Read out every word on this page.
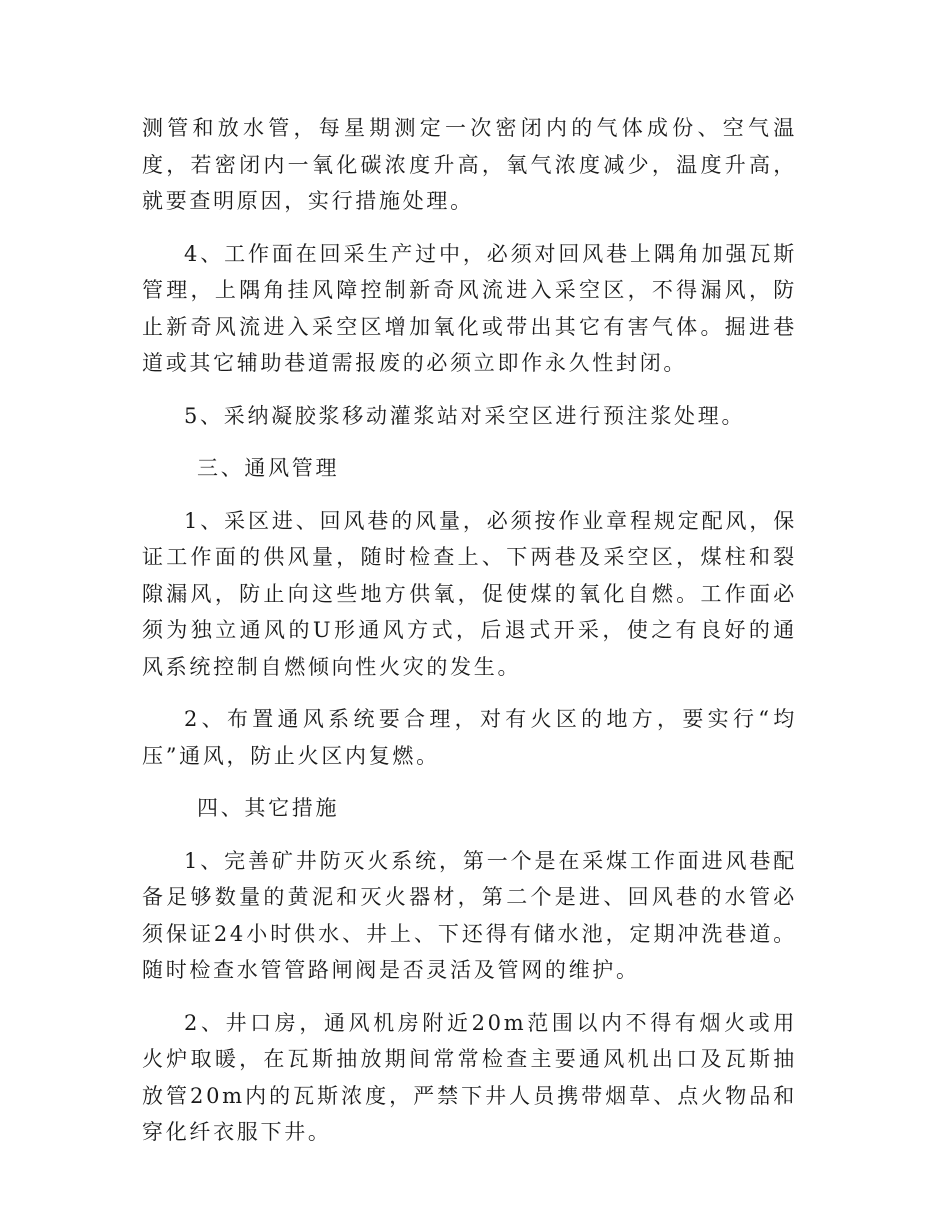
测管和放水管，每星期测定一次密闭内的气体成份、空气温度，若密闭内一氧化碳浓度升高，氧气浓度减少，温度升高，就要查明原因，实行措施处理。

4、工作面在回采生产过中，必须对回风巷上隅角加强瓦斯管理，上隅角挂风障控制新奇风流进入采空区，不得漏风，防止新奇风流进入采空区增加氧化或带出其它有害气体。掘进巷道或其它辅助巷道需报废的必须立即作永久性封闭。

5、采纳凝胶浆移动灌浆站对采空区进行预注浆处理。

三、通风管理

1、采区进、回风巷的风量，必须按作业章程规定配风，保证工作面的供风量，随时检查上、下两巷及采空区，煤柱和裂隙漏风，防止向这些地方供氧，促使煤的氧化自燃。工作面必须为独立通风的U形通风方式，后退式开采，使之有良好的通风系统控制自燃倾向性火灾的发生。

2、布置通风系统要合理，对有火区的地方，要实行“均压”通风，防止火区内复燃。

四、其它措施

1、完善矿井防灭火系统，第一个是在采煤工作面进风巷配备足够数量的黄泥和灭火器材，第二个是进、回风巷的水管必须保证24小时供水、井上、下还得有储水池，定期冲洗巷道。随时检查水管管路闸阀是否灵活及管网的维护。

2、井口房，通风机房附近20m范围以内不得有烟火或用火炉取暖，在瓦斯抽放期间常常检查主要通风机出口及瓦斯抽放管20m内的瓦斯浓度，严禁下井人员携带烟草、点火物品和穿化纤衣服下井。
